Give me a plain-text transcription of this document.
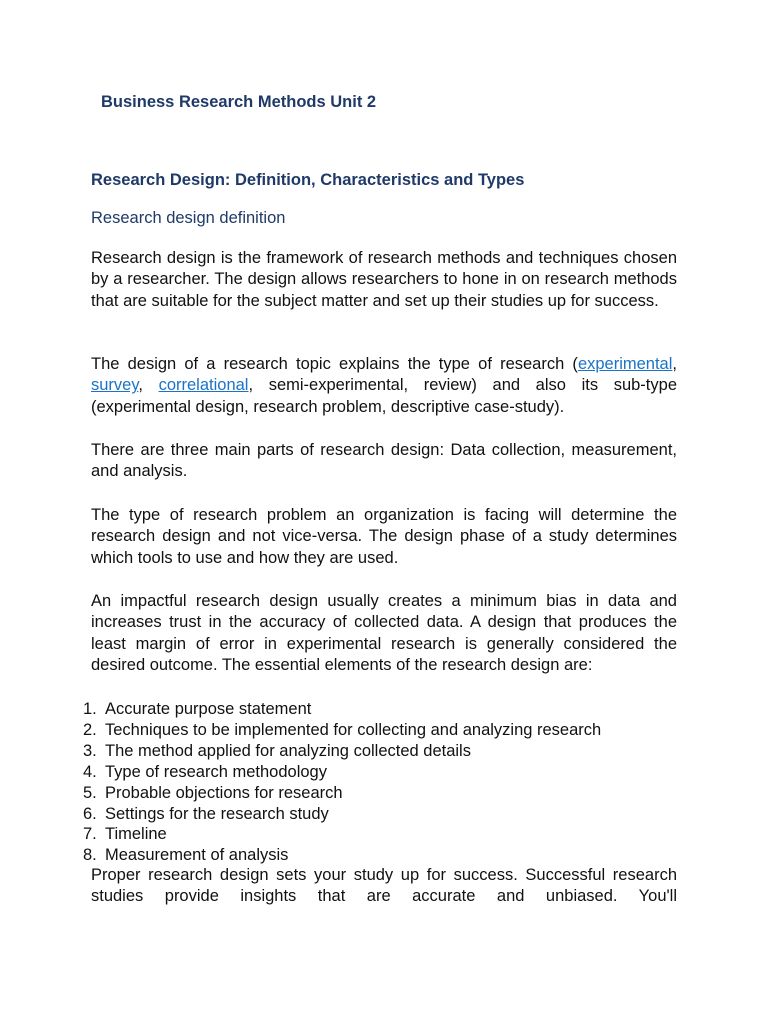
Business Research Methods Unit 2
Research Design: Definition, Characteristics and Types
Research design definition

Research design is the framework of research methods and techniques chosen by a researcher. The design allows researchers to hone in on research methods that are suitable for the subject matter and set up their studies up for success.

The design of a research topic explains the type of research (experimental, survey, correlational, semi-experimental, review) and also its sub-type (experimental design, research problem, descriptive case-study).

There are three main parts of research design: Data collection, measurement, and analysis.

The type of research problem an organization is facing will determine the research design and not vice-versa. The design phase of a study determines which tools to use and how they are used.

An impactful research design usually creates a minimum bias in data and increases trust in the accuracy of collected data. A design that produces the least margin of error in experimental research is generally considered the desired outcome. The essential elements of the research design are:

1. Accurate purpose statement
2. Techniques to be implemented for collecting and analyzing research
3. The method applied for analyzing collected details
4. Type of research methodology
5. Probable objections for research
6. Settings for the research study
7. Timeline
8. Measurement of analysis

Proper research design sets your study up for success. Successful research studies provide insights that are accurate and unbiased. You'll
